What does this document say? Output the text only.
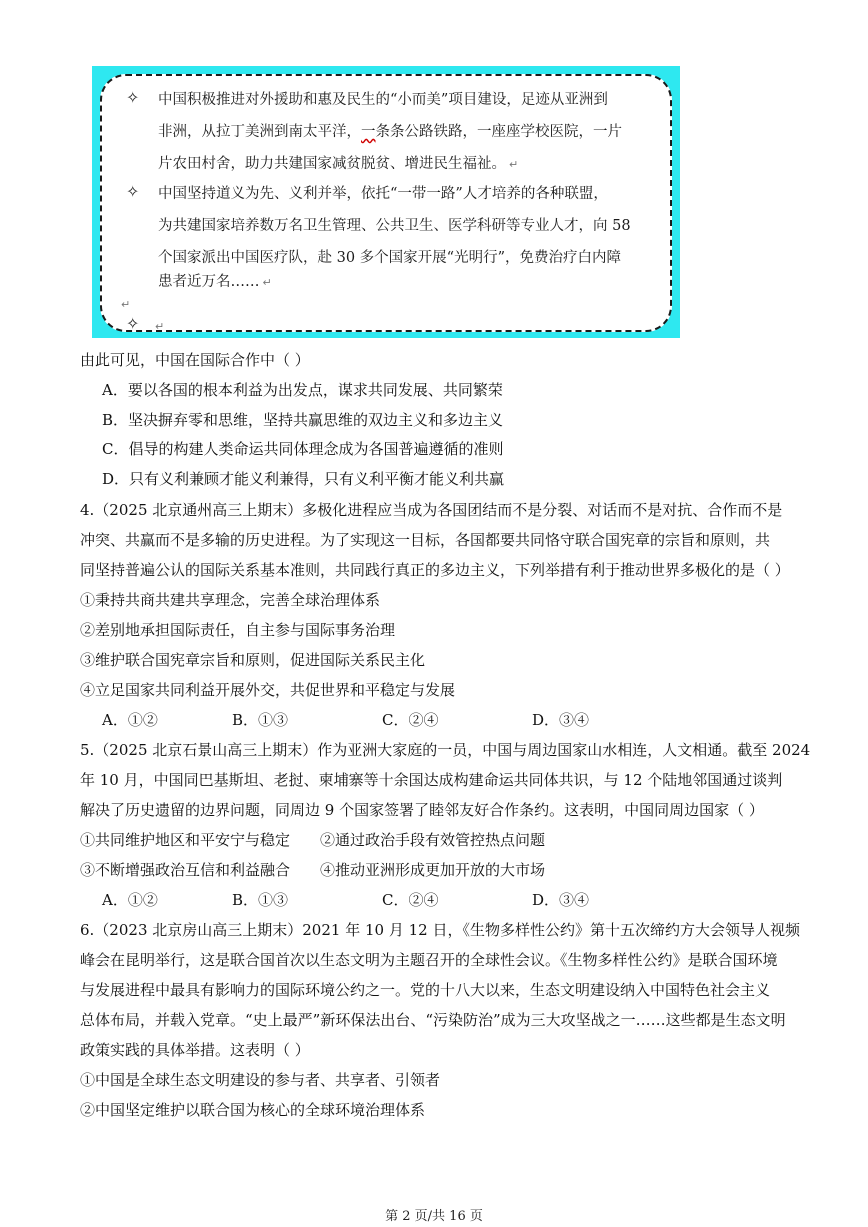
✧ 中国积极推进对外援助和惠及民生的“小而美”项目建设，足迹从亚洲到
非洲，从拉丁美洲到南太平洋，一条条公路铁路，一座座学校医院，一片
片农田村舍，助力共建国家减贫脱贫、增进民生福祉。 ↵
✧ 中国坚持道义为先、义利并举，依托“一带一路”人才培养的各种联盟，
为共建国家培养数万名卫生管理、公共卫生、医学科研等专业人才，向 58
个国家派出中国医疗队，赴 30 多个国家开展“光明行”，免费治疗白内障
患者近万名…… ↵
↵
✧ ↵
由此可见，中国在国际合作中（ ）
A．要以各国的根本利益为出发点，谋求共同发展、共同繁荣
B．坚决摒弃零和思维，坚持共赢思维的双边主义和多边主义
C．倡导的构建人类命运共同体理念成为各国普遍遵循的准则
D．只有义利兼顾才能义利兼得，只有义利平衡才能义利共赢
4.（2025 北京通州高三上期末）多极化进程应当成为各国团结而不是分裂、对话而不是对抗、合作而不是
冲突、共赢而不是多输的历史进程。为了实现这一目标，各国都要共同恪守联合国宪章的宗旨和原则，共
同坚持普遍公认的国际关系基本准则，共同践行真正的多边主义，下列举措有利于推动世界多极化的是（ ）
①秉持共商共建共享理念，完善全球治理体系
②差别地承担国际责任，自主参与国际事务治理
③维护联合国宪章宗旨和原则，促进国际关系民主化
④立足国家共同利益开展外交，共促世界和平稳定与发展
A．①②	B．①③	C．②④	D．③④
5.（2025 北京石景山高三上期末）作为亚洲大家庭的一员，中国与周边国家山水相连，人文相通。截至 2024
年 10 月，中国同巴基斯坦、老挝、柬埔寨等十余国达成构建命运共同体共识，与 12 个陆地邻国通过谈判
解决了历史遗留的边界问题，同周边 9 个国家签署了睦邻友好合作条约。这表明，中国同周边国家（ ）
①共同维护地区和平安宁与稳定 ②通过政治手段有效管控热点问题
③不断增强政治互信和利益融合 ④推动亚洲形成更加开放的大市场
A．①②	B．①③	C．②④	D．③④
6.（2023 北京房山高三上期末）2021 年 10 月 12 日，《生物多样性公约》第十五次缔约方大会领导人视频
峰会在昆明举行，这是联合国首次以生态文明为主题召开的全球性会议。《生物多样性公约》是联合国环境
与发展进程中最具有影响力的国际环境公约之一。党的十八大以来，生态文明建设纳入中国特色社会主义
总体布局，并载入党章。“史上最严”新环保法出台、“污染防治”成为三大攻坚战之一……这些都是生态文明
政策实践的具体举措。这表明（ ）
①中国是全球生态文明建设的参与者、共享者、引领者
②中国坚定维护以联合国为核心的全球环境治理体系
第 2 页/共 16 页
